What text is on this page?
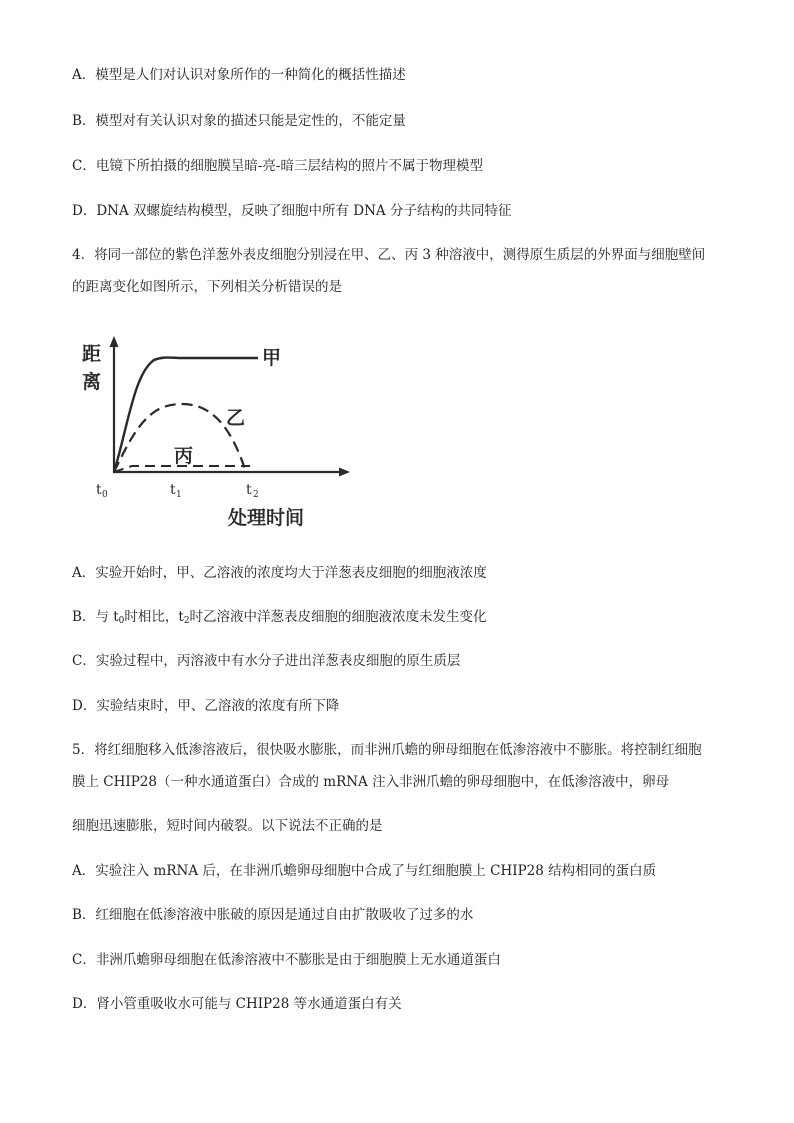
A．模型是人们对认识对象所作的一种简化的概括性描述
B．模型对有关认识对象的描述只能是定性的，不能定量
C．电镜下所拍摄的细胞膜呈暗-亮-暗三层结构的照片不属于物理模型
D．DNA 双螺旋结构模型，反映了细胞中所有 DNA 分子结构的共同特征
4．将同一部位的紫色洋葱外表皮细胞分别浸在甲、乙、丙 3 种溶液中，测得原生质层的外界面与细胞壁间
的距离变化如图所示，下列相关分析错误的是
距
离
甲
乙
丙
t 0	t 1	t 2
处理时间
A．实验开始时，甲、乙溶液的浓度均大于洋葱表皮细胞的细胞液浓度
B．与 $t_0$时相比，$t_2$时乙溶液中洋葱表皮细胞的细胞液浓度未发生变化
C．实验过程中，丙溶液中有水分子进出洋葱表皮细胞的原生质层
D．实验结束时，甲、乙溶液的浓度有所下降
5．将红细胞移入低渗溶液后，很快吸水膨胀，而非洲爪蟾的卵母细胞在低渗溶液中不膨胀。将控制红细胞
膜上 CHIP28（一种水通道蛋白）合成的 mRNA 注入非洲爪蟾的卵母细胞中，在低渗溶液中，卵母
细胞迅速膨胀，短时间内破裂。以下说法不正确的是
A．实验注入 mRNA 后，在非洲爪蟾卵母细胞中合成了与红细胞膜上 CHIP28 结构相同的蛋白质
B．红细胞在低渗溶液中胀破的原因是通过自由扩散吸收了过多的水
C．非洲爪蟾卵母细胞在低渗溶液中不膨胀是由于细胞膜上无水通道蛋白
D．肾小管重吸收水可能与 CHIP28 等水通道蛋白有关
